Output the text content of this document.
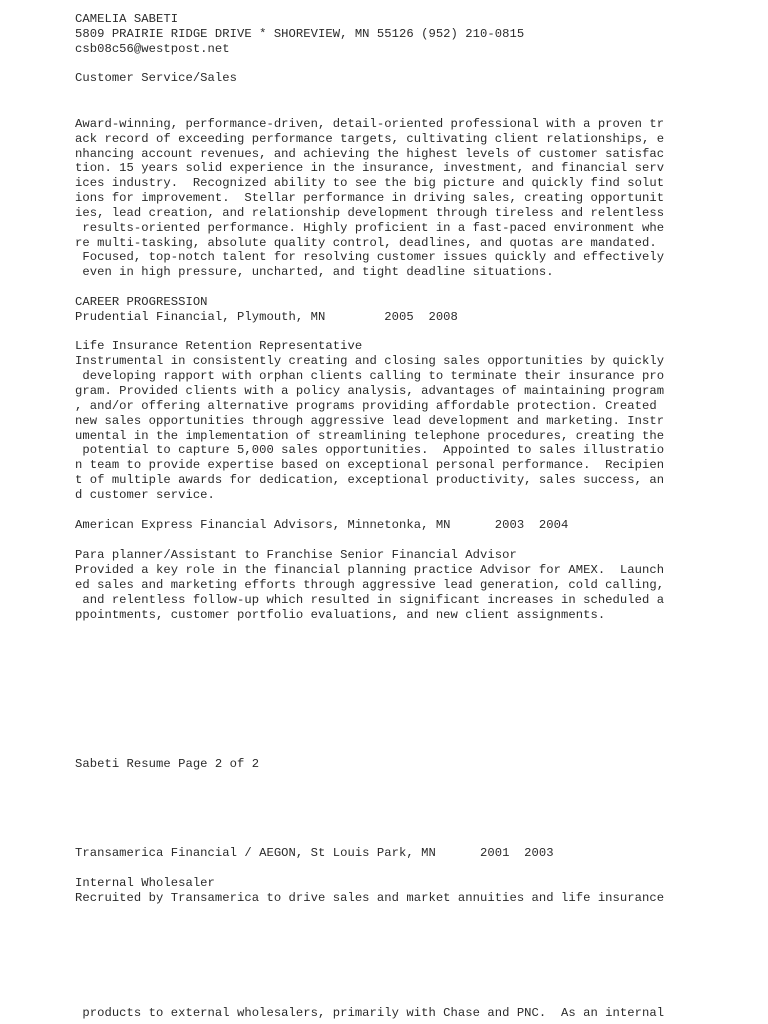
CAMELIA SABETI

5809 PRAIRIE RIDGE DRIVE * SHOREVIEW, MN 55126 (952) 210-0815

csb08c56@westpost.net

Customer Service/Sales

Award-winning, performance-driven, detail-oriented professional with a proven tr

ack record of exceeding performance targets, cultivating client relationships, e

nhancing account revenues, and achieving the highest levels of customer satisfac

tion. 15 years solid experience in the insurance, investment, and financial serv

ices industry.  Recognized ability to see the big picture and quickly find solut

ions for improvement.  Stellar performance in driving sales, creating opportunit

ies, lead creation, and relationship development through tireless and relentless

results-oriented performance. Highly proficient in a fast-paced environment whe

re multi-tasking, absolute quality control, deadlines, and quotas are mandated.

Focused, top-notch talent for resolving customer issues quickly and effectively

even in high pressure, uncharted, and tight deadline situations.

CAREER PROGRESSION

Prudential Financial, Plymouth, MN        2005  2008

Life Insurance Retention Representative

Instrumental in consistently creating and closing sales opportunities by quickly

developing rapport with orphan clients calling to terminate their insurance pro

gram. Provided clients with a policy analysis, advantages of maintaining program

, and/or offering alternative programs providing affordable protection. Created

new sales opportunities through aggressive lead development and marketing. Instr

umental in the implementation of streamlining telephone procedures, creating the

potential to capture 5,000 sales opportunities.  Appointed to sales illustratio

n team to provide expertise based on exceptional personal performance.  Recipien

t of multiple awards for dedication, exceptional productivity, sales success, an

d customer service.

American Express Financial Advisors, Minnetonka, MN      2003  2004

Para planner/Assistant to Franchise Senior Financial Advisor

Provided a key role in the financial planning practice Advisor for AMEX.  Launch

ed sales and marketing efforts through aggressive lead generation, cold calling,

and relentless follow-up which resulted in significant increases in scheduled a

ppointments, customer portfolio evaluations, and new client assignments.

Sabeti Resume Page 2 of 2

Transamerica Financial / AEGON, St Louis Park, MN      2001  2003

Internal Wholesaler

Recruited by Transamerica to drive sales and market annuities and life insurance

products to external wholesalers, primarily with Chase and PNC.  As an internal
